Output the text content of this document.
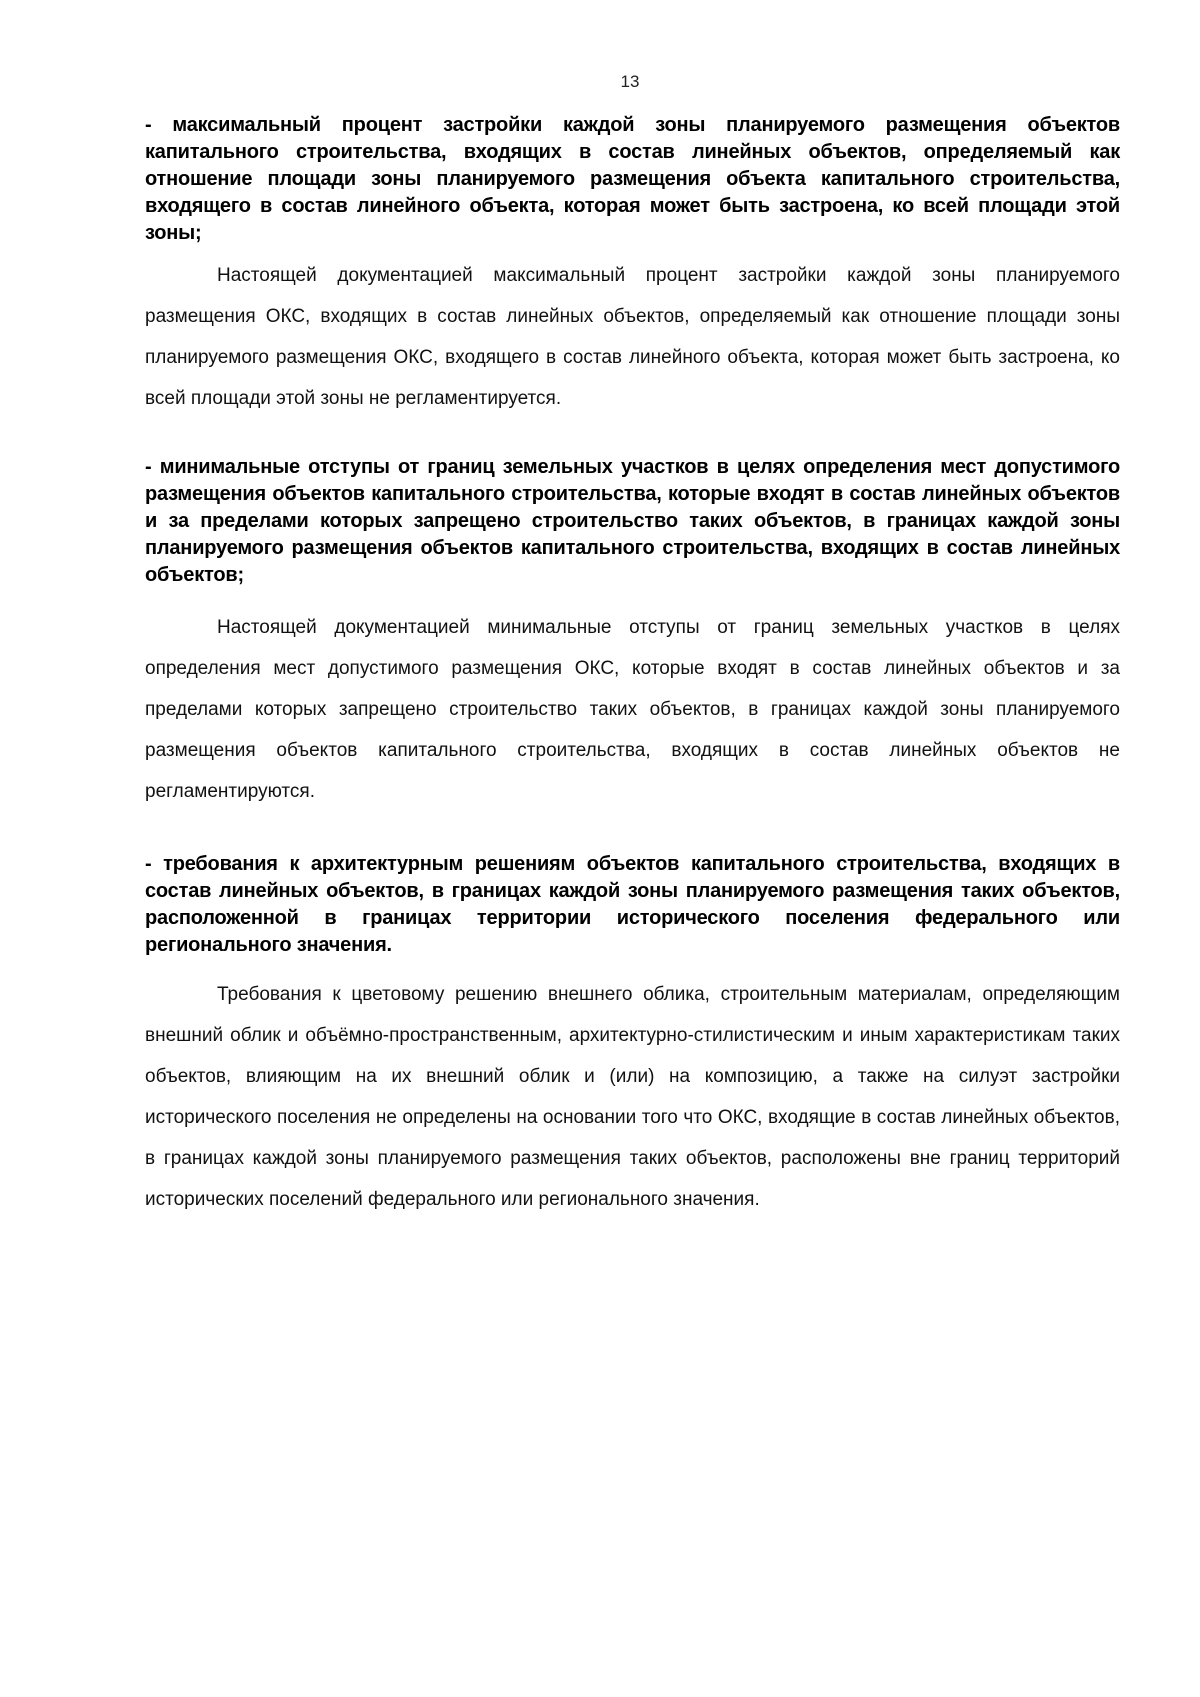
13

- максимальный процент застройки каждой зоны планируемого размещения объектов капитального строительства, входящих в состав линейных объектов, определяемый как отношение площади зоны планируемого размещения объекта капитального строительства, входящего в состав линейного объекта, которая может быть застроена, ко всей площади этой зоны;

Настоящей документацией максимальный процент застройки каждой зоны планируемого размещения ОКС, входящих в состав линейных объектов, определяемый как отношение площади зоны планируемого размещения ОКС, входящего в состав линейного объекта, которая может быть застроена, ко всей площади этой зоны не регламентируется.

- минимальные отступы от границ земельных участков в целях определения мест допустимого размещения объектов капитального строительства, которые входят в состав линейных объектов и за пределами которых запрещено строительство таких объектов, в границах каждой зоны планируемого размещения объектов капитального строительства, входящих в состав линейных объектов;

Настоящей документацией минимальные отступы от границ земельных участков в целях определения мест допустимого размещения ОКС, которые входят в состав линейных объектов и за пределами которых запрещено строительство таких объектов, в границах каждой зоны планируемого размещения объектов капитального строительства, входящих в состав линейных объектов не регламентируются.

- требования к архитектурным решениям объектов капитального строительства, входящих в состав линейных объектов, в границах каждой зоны планируемого размещения таких объектов, расположенной в границах территории исторического поселения федерального или регионального значения.

Требования к цветовому решению внешнего облика, строительным материалам, определяющим внешний облик и объёмно-пространственным, архитектурно-стилистическим и иным характеристикам таких объектов, влияющим на их внешний облик и (или) на композицию, а также на силуэт застройки исторического поселения не определены на основании того что ОКС, входящие в состав линейных объектов, в границах каждой зоны планируемого размещения таких объектов, расположены вне границ территорий исторических поселений федерального или регионального значения.
